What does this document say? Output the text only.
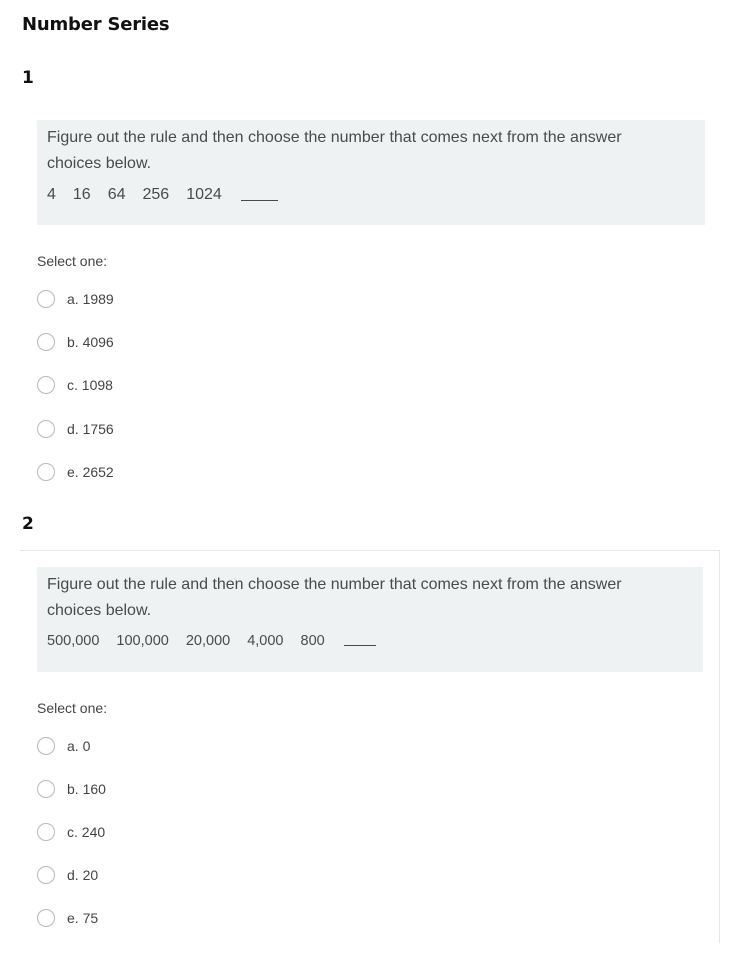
Number Series
1

Figure out the rule and then choose the number that comes next from the answer choices below.

4 16 64 256 1024
Select one:
a. 1989
b. 4096
c. 1098
d. 1756
e. 2652
2

Figure out the rule and then choose the number that comes next from the answer choices below.

500,000 100,000 20,000 4,000 800
Select one:
a. 0
b. 160
c. 240
d. 20
e. 75
